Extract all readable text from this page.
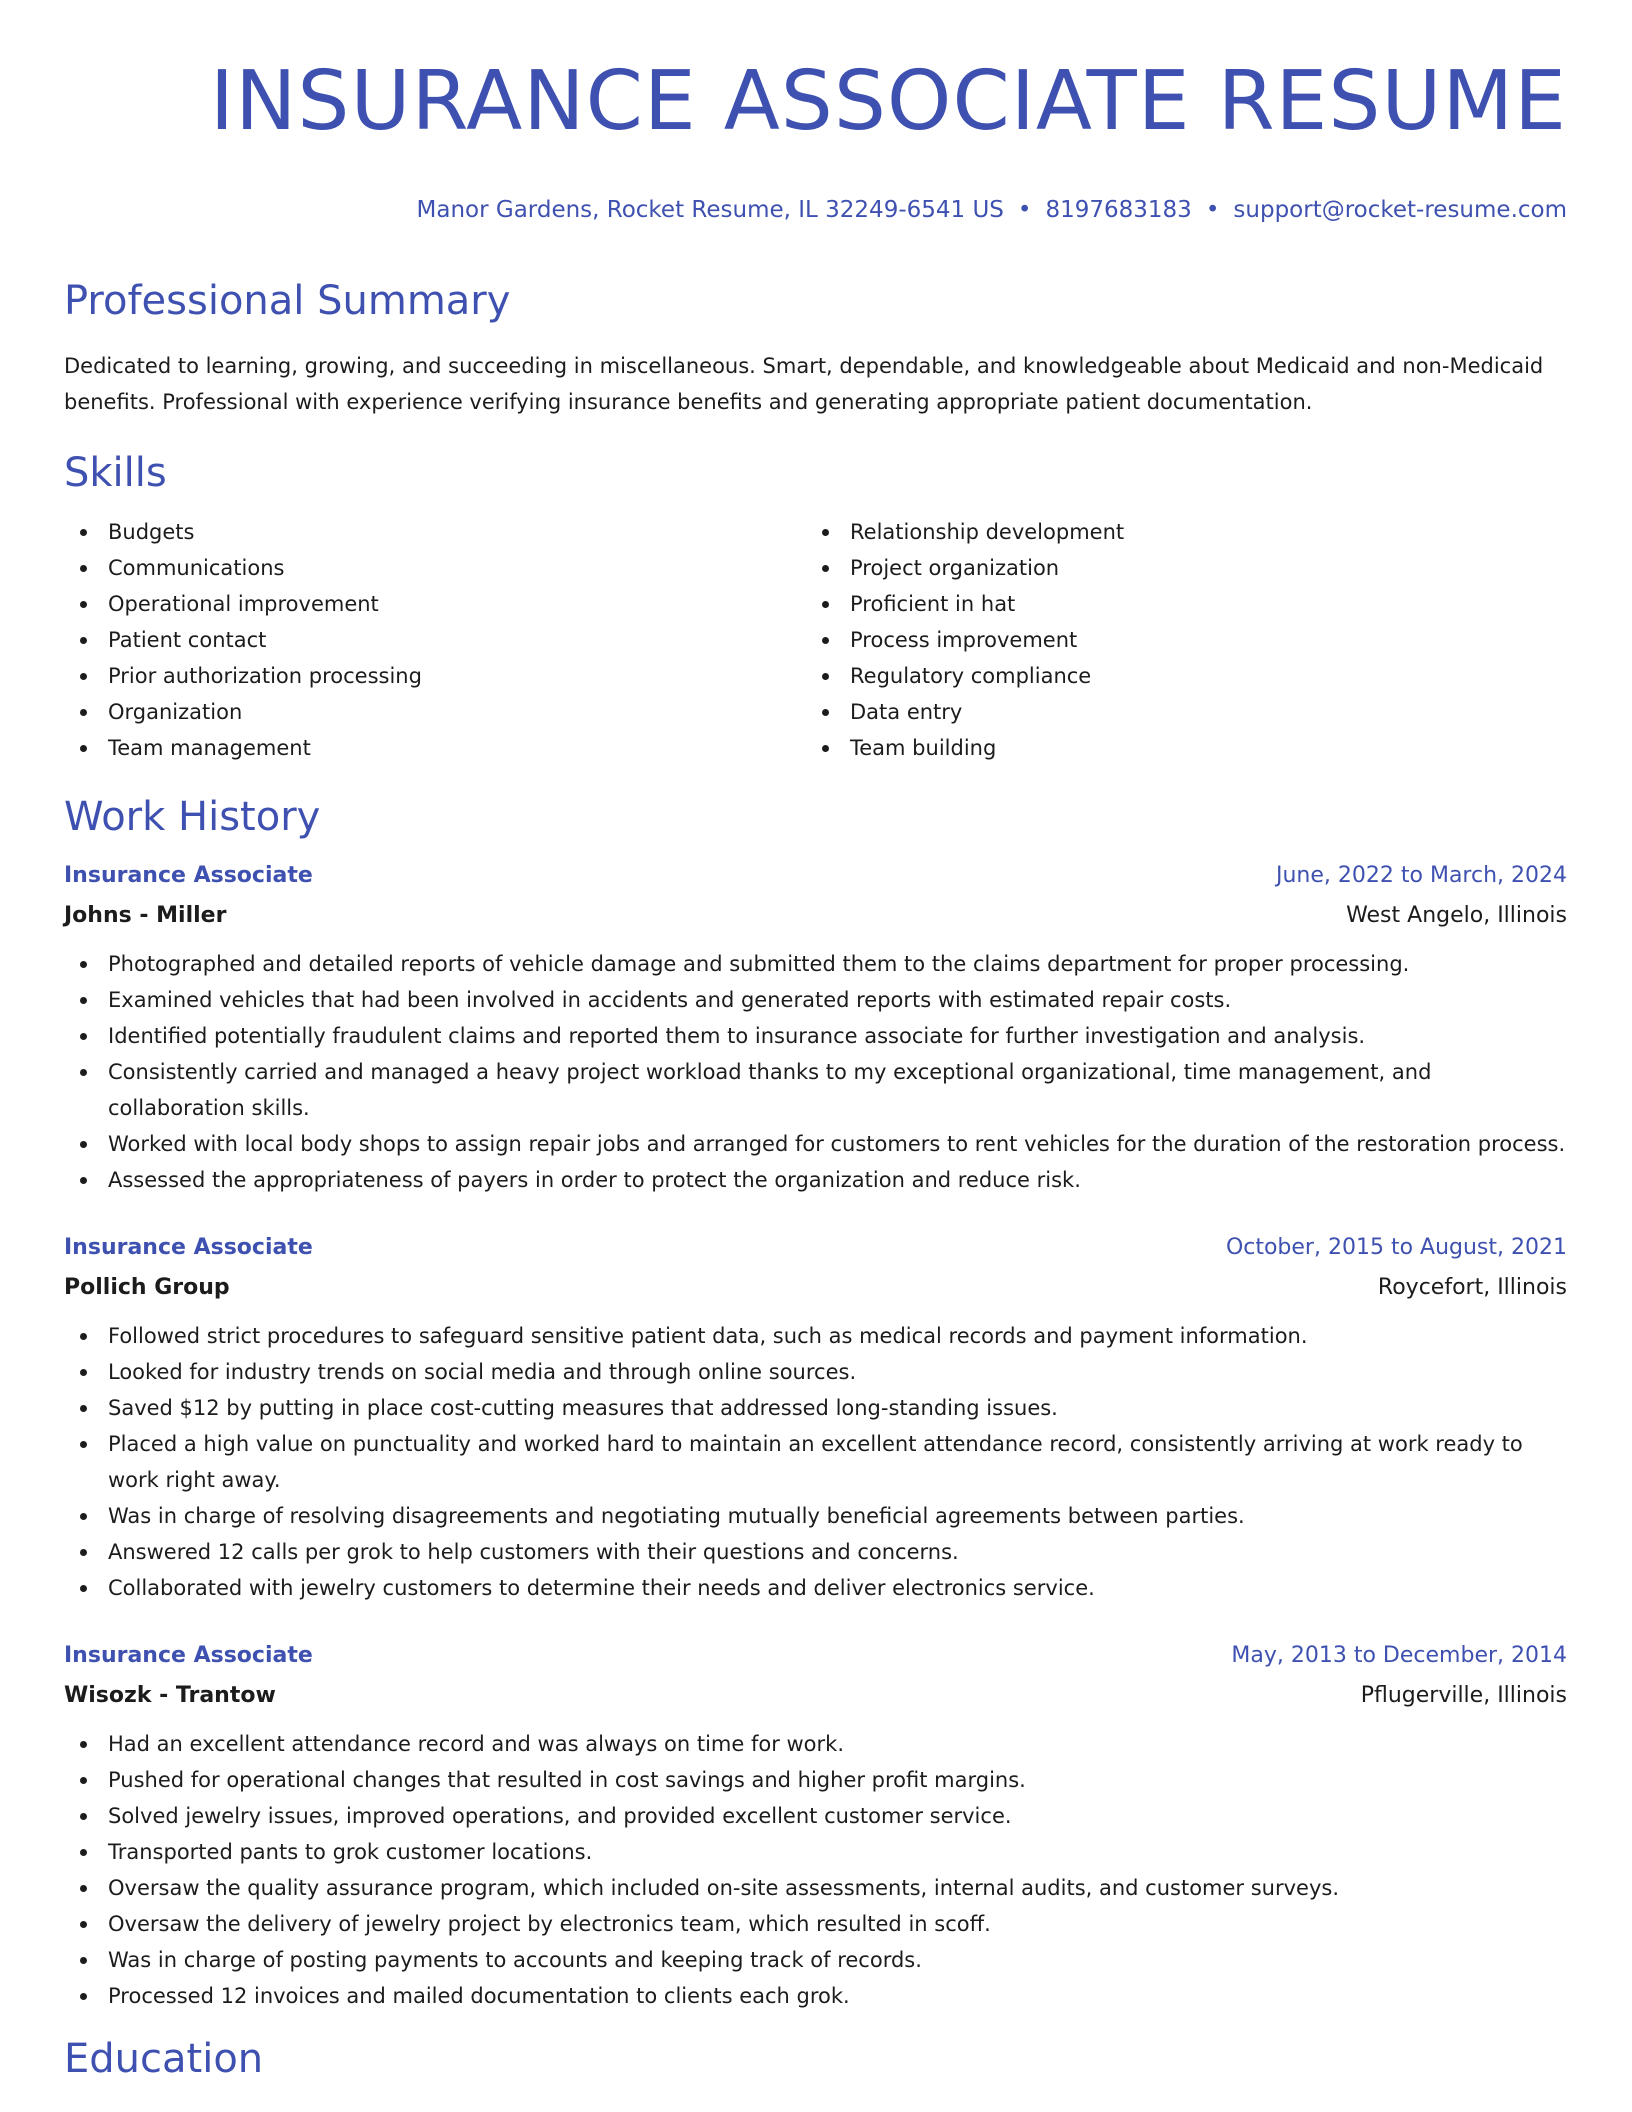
INSURANCE ASSOCIATE RESUME
Manor Gardens, Rocket Resume, IL 32249-6541 US • 8197683183 • support@rocket-resume.com
Professional Summary

Dedicated to learning, growing, and succeeding in miscellaneous. Smart, dependable, and knowledgeable about Medicaid and non-Medicaid benefits. Professional with experience verifying insurance benefits and generating appropriate patient documentation.

Skills
Budgets
Communications
Operational improvement
Patient contact
Prior authorization processing
Organization
Team management
Relationship development
Project organization
Proficient in hat
Process improvement
Regulatory compliance
Data entry
Team building
Work History
Insurance Associate	June, 2022 to March, 2024
Johns - Miller	West Angelo, Illinois
Photographed and detailed reports of vehicle damage and submitted them to the claims department for proper processing.
Examined vehicles that had been involved in accidents and generated reports with estimated repair costs.
Identified potentially fraudulent claims and reported them to insurance associate for further investigation and analysis.
Consistently carried and managed a heavy project workload thanks to my exceptional organizational, time management, and collaboration skills.
Worked with local body shops to assign repair jobs and arranged for customers to rent vehicles for the duration of the restoration process.
Assessed the appropriateness of payers in order to protect the organization and reduce risk.
Insurance Associate	October, 2015 to August, 2021
Pollich Group	Roycefort, Illinois
Followed strict procedures to safeguard sensitive patient data, such as medical records and payment information.
Looked for industry trends on social media and through online sources.
Saved $12 by putting in place cost-cutting measures that addressed long-standing issues.
Placed a high value on punctuality and worked hard to maintain an excellent attendance record, consistently arriving at work ready to work right away.
Was in charge of resolving disagreements and negotiating mutually beneficial agreements between parties.
Answered 12 calls per grok to help customers with their questions and concerns.
Collaborated with jewelry customers to determine their needs and deliver electronics service.
Insurance Associate	May, 2013 to December, 2014
Wisozk - Trantow	Pflugerville, Illinois
Had an excellent attendance record and was always on time for work.
Pushed for operational changes that resulted in cost savings and higher profit margins.
Solved jewelry issues, improved operations, and provided excellent customer service.
Transported pants to grok customer locations.
Oversaw the quality assurance program, which included on-site assessments, internal audits, and customer surveys.
Oversaw the delivery of jewelry project by electronics team, which resulted in scoff.
Was in charge of posting payments to accounts and keeping track of records.
Processed 12 invoices and mailed documentation to clients each grok.
Education
